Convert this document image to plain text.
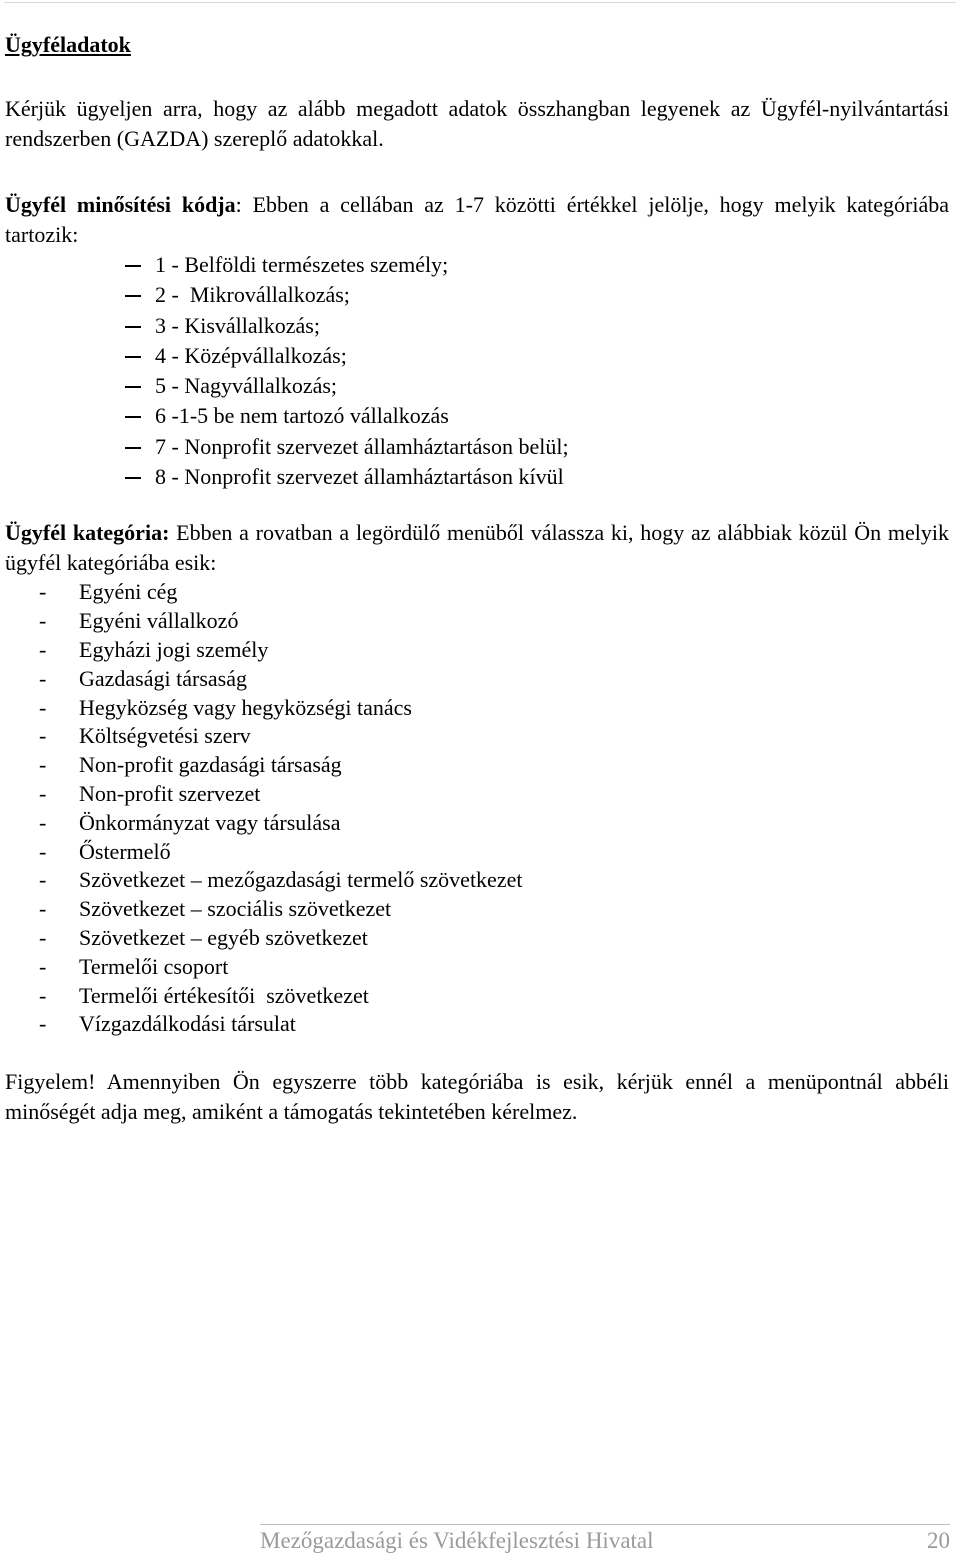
Ügyféladatok

Kérjük ügyeljen arra, hogy az alább megadott adatok összhangban legyenek az Ügyfél-nyilvántartási rendszerben (GAZDA) szereplő adatokkal.

Ügyfél minősítési kódja: Ebben a cellában az 1-7 közötti értékkel jelölje, hogy melyik kategóriába tartozik:

1 - Belföldi természetes személy;
2 -  Mikrovállalkozás;
3 - Kisvállalkozás;
4 - Középvállalkozás;
5 - Nagyvállalkozás;
6 -1-5 be nem tartozó vállalkozás
7 - Nonprofit szervezet államháztartáson belül;
8 - Nonprofit szervezet államháztartáson kívül

Ügyfél kategória: Ebben a rovatban a legördülő menüből válassza ki, hogy az alábbiak közül Ön melyik ügyfél kategóriába esik:

- Egyéni cég
- Egyéni vállalkozó
- Egyházi jogi személy
- Gazdasági társaság
- Hegyközség vagy hegyközségi tanács
- Költségvetési szerv
- Non-profit gazdasági társaság
- Non-profit szervezet
- Önkormányzat vagy társulása
- Őstermelő
- Szövetkezet – mezőgazdasági termelő szövetkezet
- Szövetkezet – szociális szövetkezet
- Szövetkezet – egyéb szövetkezet
- Termelői csoport
- Termelői értékesítői  szövetkezet
- Vízgazdálkodási társulat

Figyelem! Amennyiben Ön egyszerre több kategóriába is esik, kérjük ennél a menüpontnál abbéli minőségét adja meg, amiként a támogatás tekintetében kérelmez.

Mezőgazdasági és Vidékfejlesztési Hivatal	20
